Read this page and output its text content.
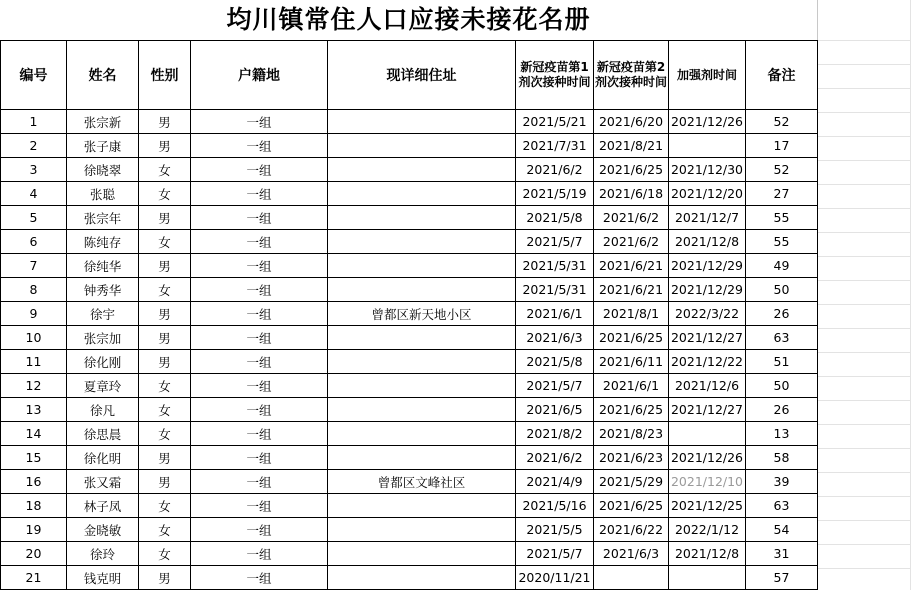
均川镇常住人口应接未接花名册
编号	姓名	性别	户籍地	现详细住址	新冠疫苗第1剂次接种时间	新冠疫苗第2剂次接种时间	加强剂时间	备注
1	张宗新	男	一组		2021/5/21	2021/6/20	2021/12/26	52
2	张子康	男	一组		2021/7/31	2021/8/21		17
3	徐晓翠	女	一组		2021/6/2	2021/6/25	2021/12/30	52
4	张聪	女	一组		2021/5/19	2021/6/18	2021/12/20	27
5	张宗年	男	一组		2021/5/8	2021/6/2	2021/12/7	55
6	陈纯存	女	一组		2021/5/7	2021/6/2	2021/12/8	55
7	徐纯华	男	一组		2021/5/31	2021/6/21	2021/12/29	49
8	钟秀华	女	一组		2021/5/31	2021/6/21	2021/12/29	50
9	徐宇	男	一组	曾都区新天地小区	2021/6/1	2021/8/1	2022/3/22	26
10	张宗加	男	一组		2021/6/3	2021/6/25	2021/12/27	63
11	徐化刚	男	一组		2021/5/8	2021/6/11	2021/12/22	51
12	夏章玲	女	一组		2021/5/7	2021/6/1	2021/12/6	50
13	徐凡	女	一组		2021/6/5	2021/6/25	2021/12/27	26
14	徐思晨	女	一组		2021/8/2	2021/8/23		13
15	徐化明	男	一组		2021/6/2	2021/6/23	2021/12/26	58
16	张又霜	男	一组	曾都区文峰社区	2021/4/9	2021/5/29	2021/12/10	39
18	林子凤	女	一组		2021/5/16	2021/6/25	2021/12/25	63
19	金晓敏	女	一组		2021/5/5	2021/6/22	2022/1/12	54
20	徐玲	女	一组		2021/5/7	2021/6/3	2021/12/8	31
21	钱克明	男	一组		2020/11/21			57
